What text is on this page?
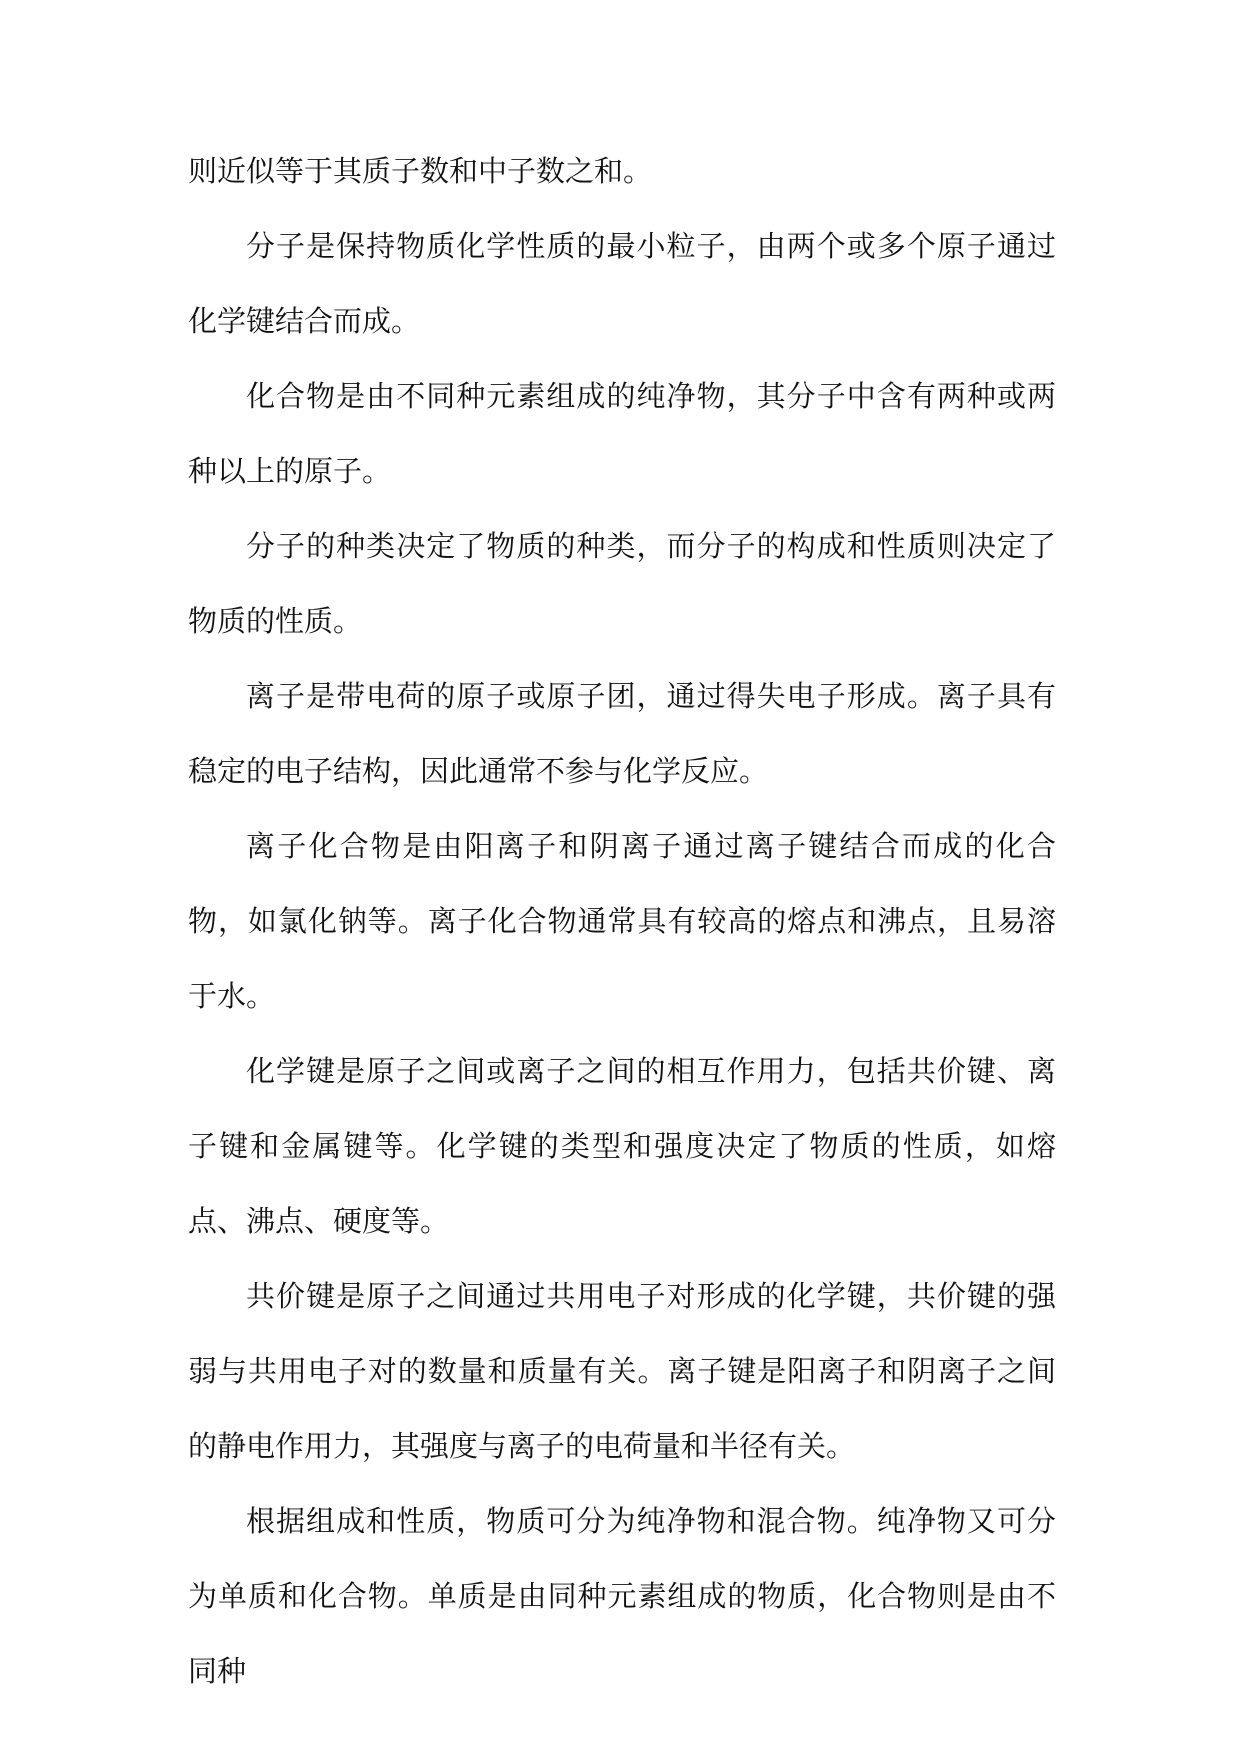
则近似等于其质子数和中子数之和。

分子是保持物质化学性质的最小粒子，由两个或多个原子通过化学键结合而成。

化合物是由不同种元素组成的纯净物，其分子中含有两种或两种以上的原子。

分子的种类决定了物质的种类，而分子的构成和性质则决定了物质的性质。

离子是带电荷的原子或原子团，通过得失电子形成。离子具有稳定的电子结构，因此通常不参与化学反应。

离子化合物是由阳离子和阴离子通过离子键结合而成的化合物，如氯化钠等。离子化合物通常具有较高的熔点和沸点，且易溶于水。

化学键是原子之间或离子之间的相互作用力，包括共价键、离子键和金属键等。化学键的类型和强度决定了物质的性质，如熔点、沸点、硬度等。

共价键是原子之间通过共用电子对形成的化学键，共价键的强弱与共用电子对的数量和质量有关。离子键是阳离子和阴离子之间的静电作用力，其强度与离子的电荷量和半径有关。

根据组成和性质，物质可分为纯净物和混合物。纯净物又可分为单质和化合物。单质是由同种元素组成的物质，化合物则是由不同种
